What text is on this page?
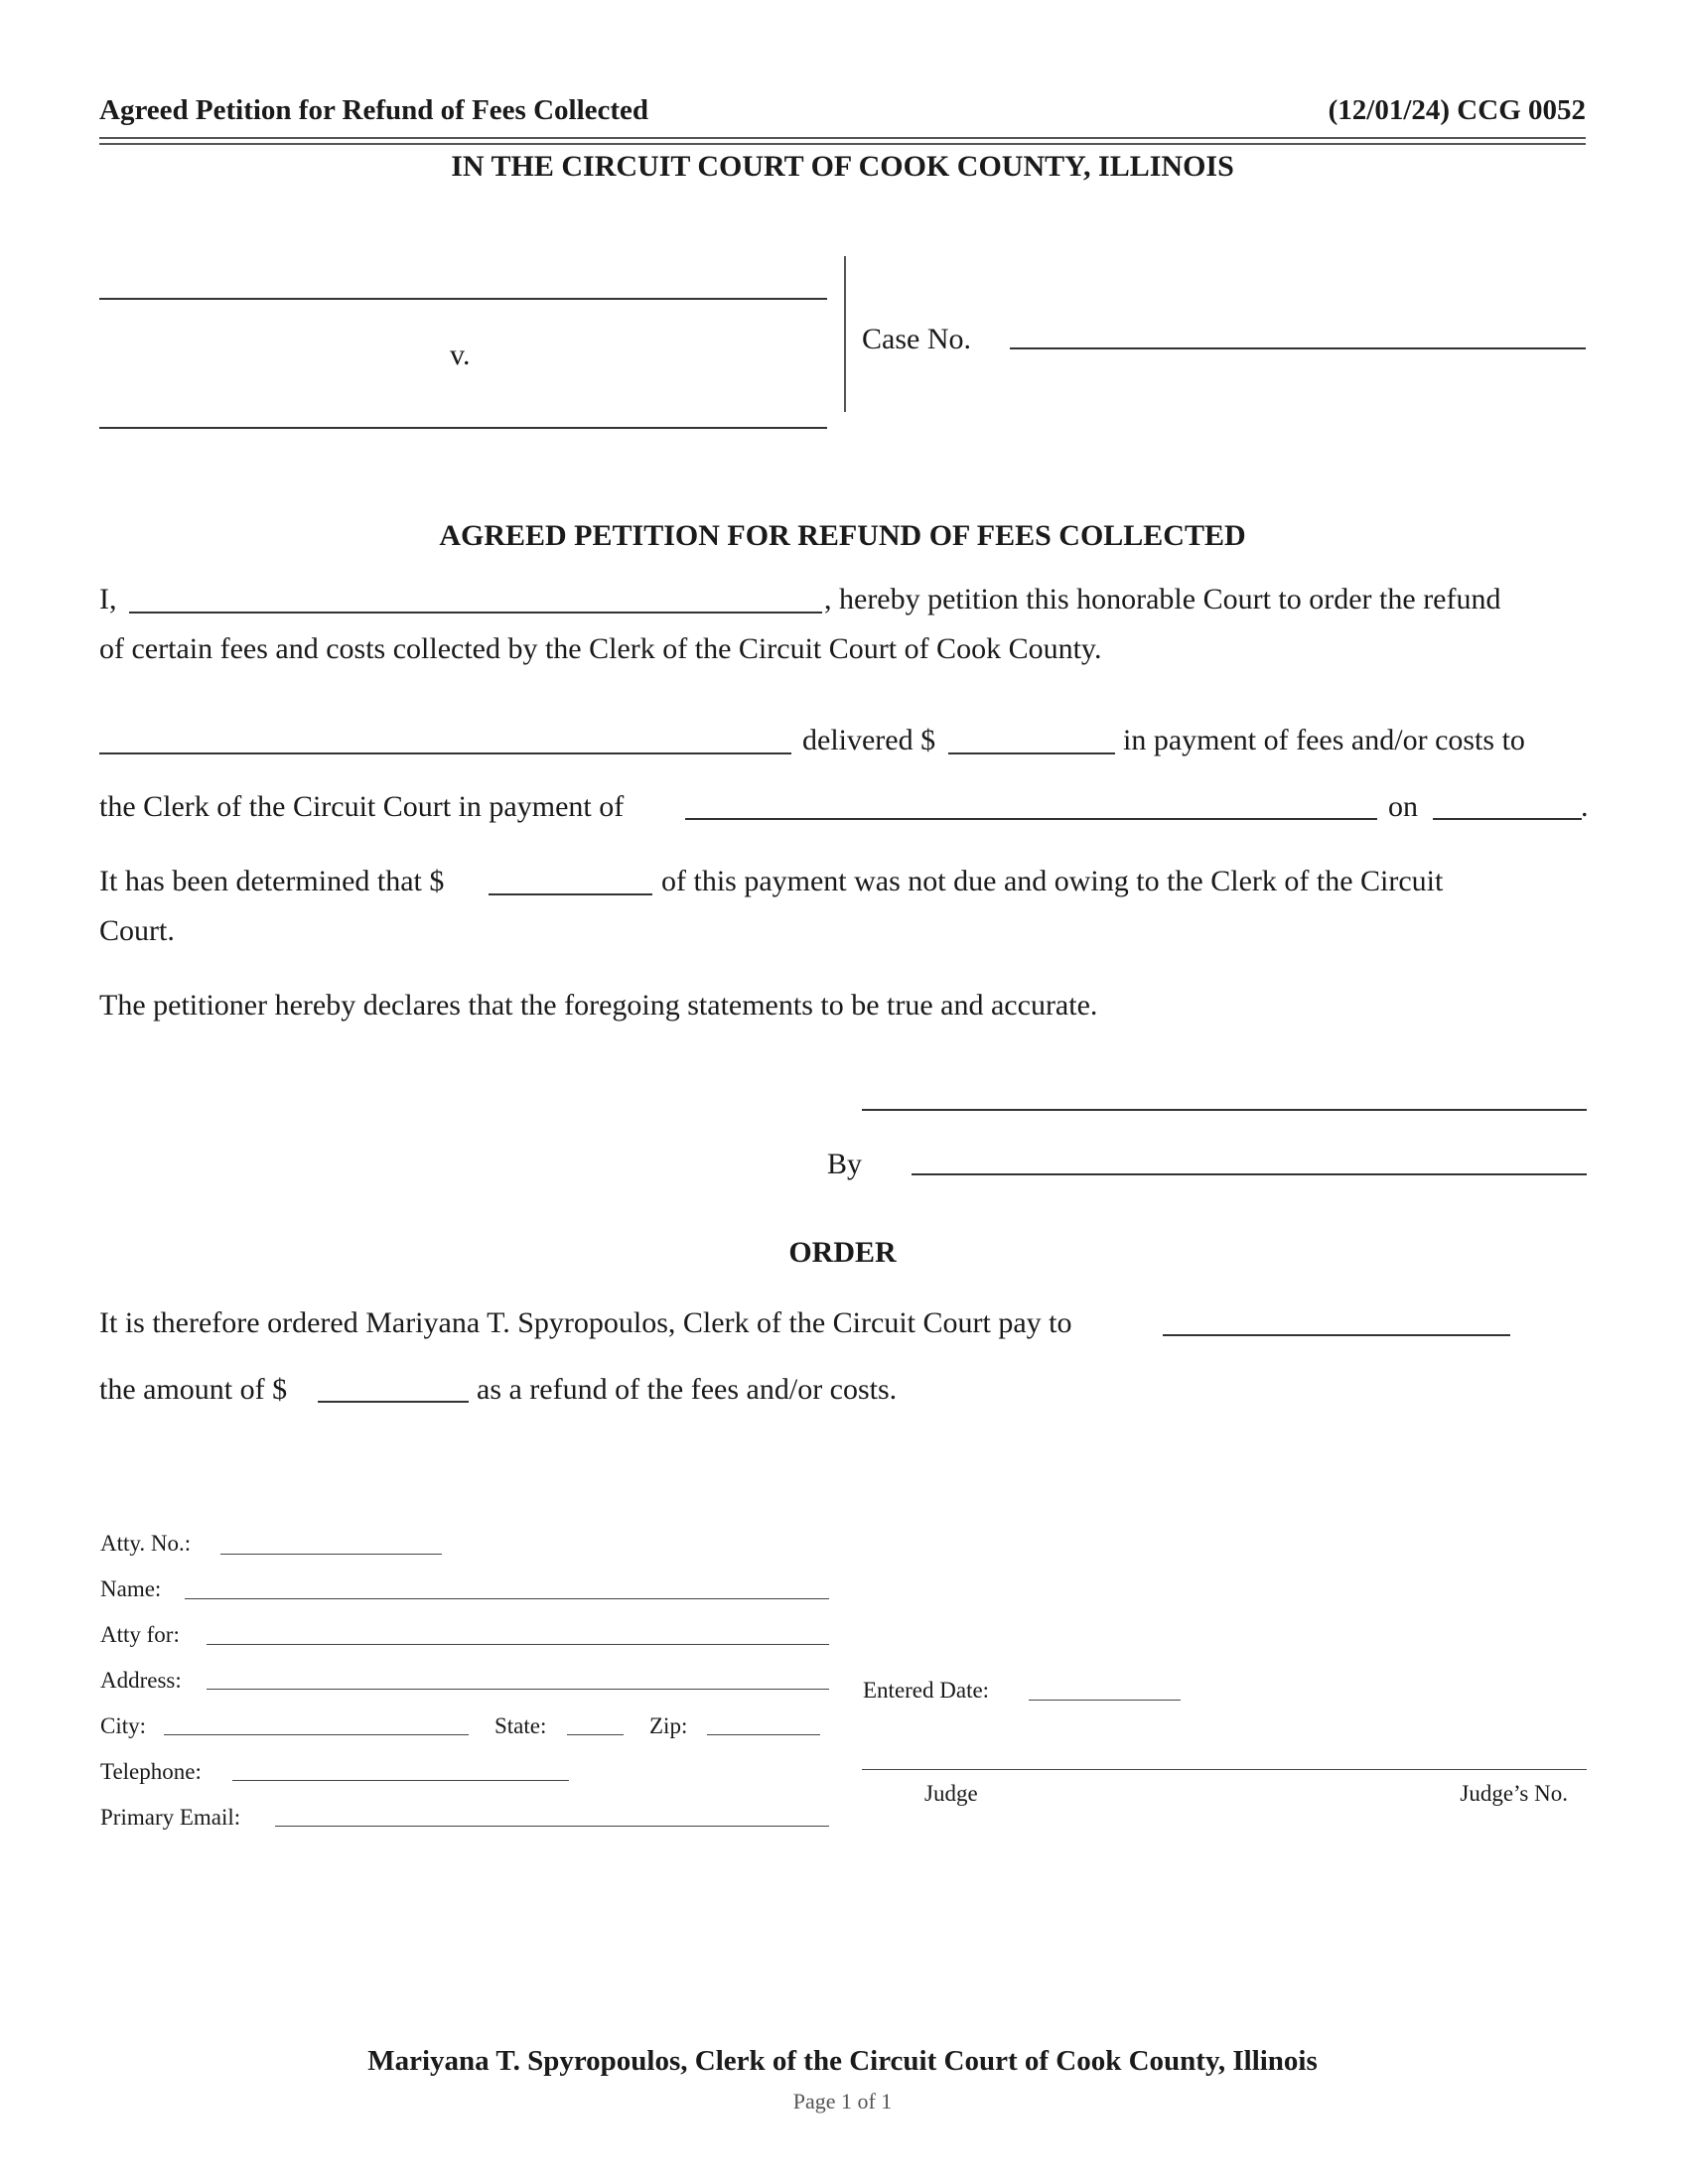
Agreed Petition for Refund of Fees Collected	(12/01/24) CCG 0052
IN THE CIRCUIT COURT OF COOK COUNTY, ILLINOIS
v.	Case No.
AGREED PETITION FOR REFUND OF FEES COLLECTED
I,	, hereby petition this honorable Court to order the refund
of certain fees and costs collected by the Clerk of the Circuit Court of Cook County.
delivered $	in payment of fees and/or costs to
the Clerk of the Circuit Court in payment of	on	.
It has been determined that $	of this payment was not due and owing to the Clerk of the Circuit
Court.
The petitioner hereby declares that the foregoing statements to be true and accurate.
By
ORDER
It is therefore ordered Mariyana T. Spyropoulos, Clerk of the Circuit Court pay to
the amount of $	as a refund of the fees and/or costs.
Atty. No.:
Name:
Atty for:
Address:
City:	State:	Zip:
Telephone:
Primary Email:
Entered Date:
Judge	Judge’s No.
Mariyana T. Spyropoulos, Clerk of the Circuit Court of Cook County, Illinois
Page 1 of 1
